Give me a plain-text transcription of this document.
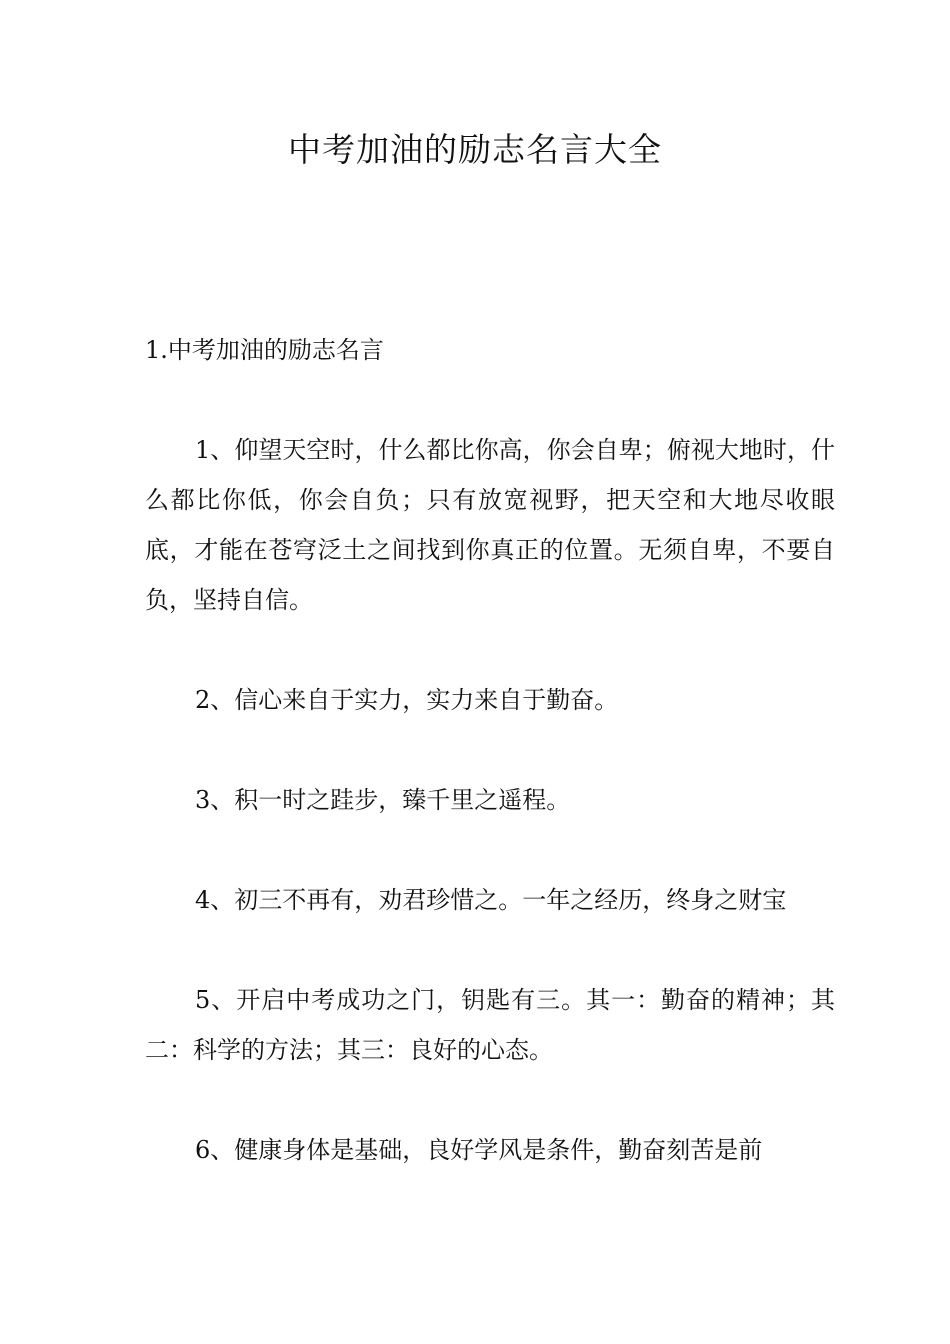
中考加油的励志名言大全

1.中考加油的励志名言

1、仰望天空时，什么都比你高，你会自卑；俯视大地时，什么都比你低，你会自负；只有放宽视野，把天空和大地尽收眼底，才能在苍穹泛土之间找到你真正的位置。无须自卑，不要自负，坚持自信。

2、信心来自于实力，实力来自于勤奋。

3、积一时之跬步，臻千里之遥程。

4、初三不再有，劝君珍惜之。一年之经历，终身之财宝

5、开启中考成功之门，钥匙有三。其一：勤奋的精神；其二：科学的方法；其三：良好的心态。

6、健康身体是基础，良好学风是条件，勤奋刻苦是前
